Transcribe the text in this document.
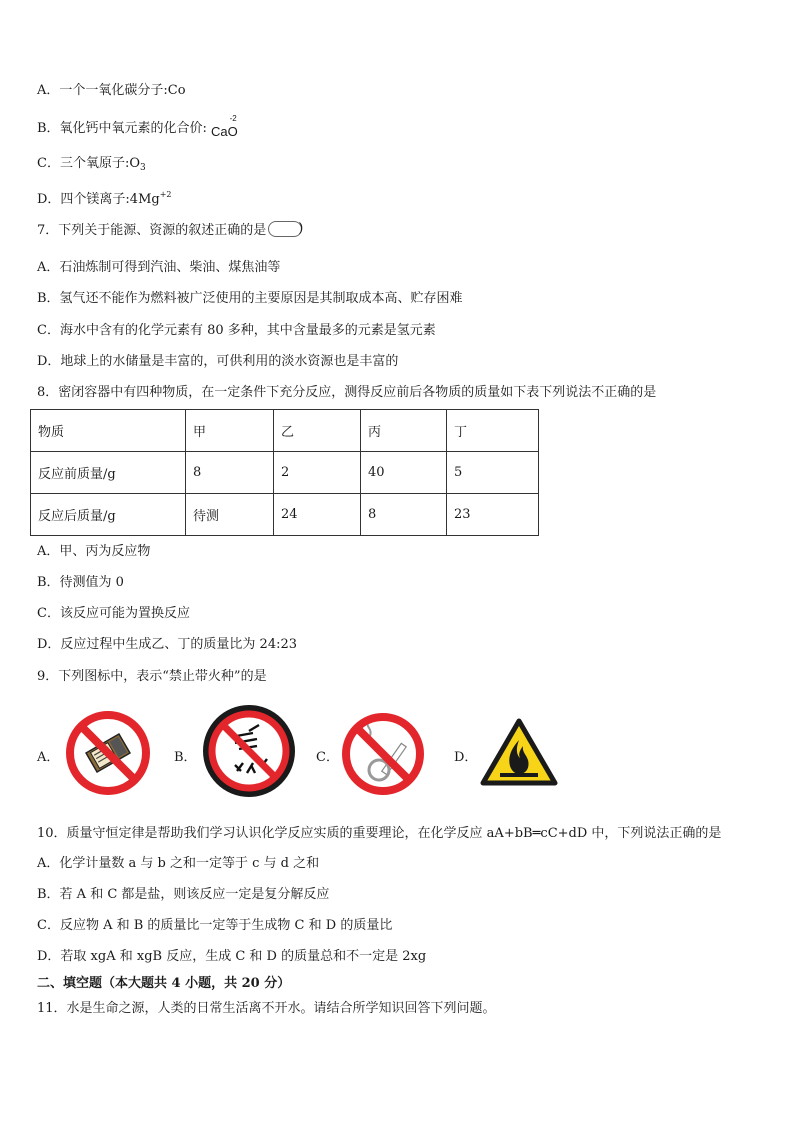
A．一个一氧化碳分子:Co
B．氧化钙中氧元素的化合价: Ca
-2
O
C．三个氧原子$:O_3$
D．四个镁离子$:4Mg^{+2}$
7．下列关于能源、资源的叙述正确的是 )
A．石油炼制可得到汽油、柴油、煤焦油等
B．氢气还不能作为燃料被广泛使用的主要原因是其制取成本高、贮存困难
C．海水中含有的化学元素有 80 多种，其中含量最多的元素是氢元素
D．地球上的水储量是丰富的，可供利用的淡水资源也是丰富的
8．密闭容器中有四种物质，在一定条件下充分反应，测得反应前后各物质的质量如下表下列说法不正确的是
物质	甲	乙	丙	丁
反应前质量/g	8	2	40	5
反应后质量/g	待测	24	8	23
A．甲、丙为反应物
B．待测值为 0
C．该反应可能为置换反应
D．反应过程中生成乙、丁的质量比为 24:23
9．下列图标中，表示“禁止带火种”的是
A．	B．	C．	D．
10．质量守恒定律是帮助我们学习认识化学反应实质的重要理论，在化学反应 aA+bB═cC+dD 中，下列说法正确的是
A．化学计量数 a 与 b 之和一定等于 c 与 d 之和
B．若 A 和 C 都是盐，则该反应一定是复分解反应
C．反应物 A 和 B 的质量比一定等于生成物 C 和 D 的质量比
D．若取 xgA 和 xgB 反应，生成 C 和 D 的质量总和不一定是 2xg
二、填空题（本大题共 4 小题，共 20 分）
11．水是生命之源，人类的日常生活离不开水。请结合所学知识回答下列问题。
